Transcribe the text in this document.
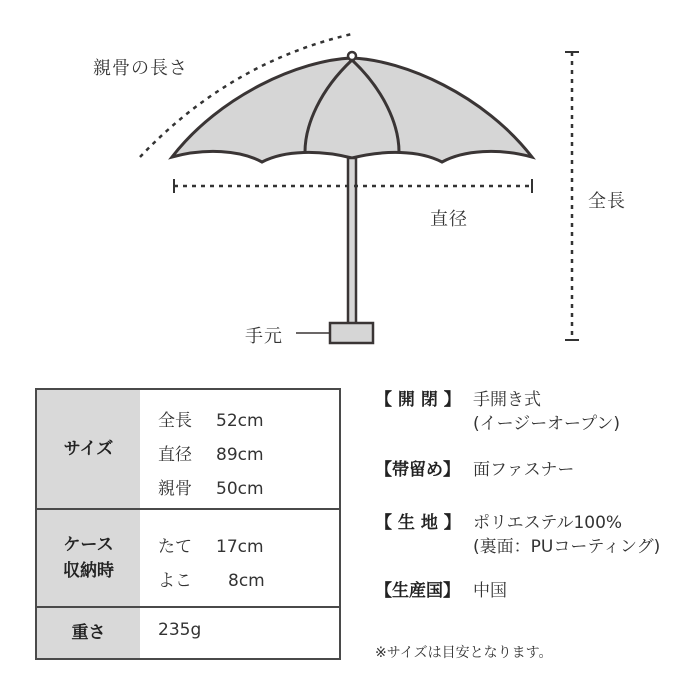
親骨の長さ
全長
直径
手元
サイズ
全長 52cm
直径 89cm
親骨 50cm
ケース
収納時
たて 17cm
よこ 8cm
重さ	235g
【 開 閉 】 手開き式
(イージーオープン)
【帯留め】 面ファスナー
【 生 地 】 ポリエステル100%
(裏面：PUコーティング)
【生産国】 中国
※サイズは目安となります。
